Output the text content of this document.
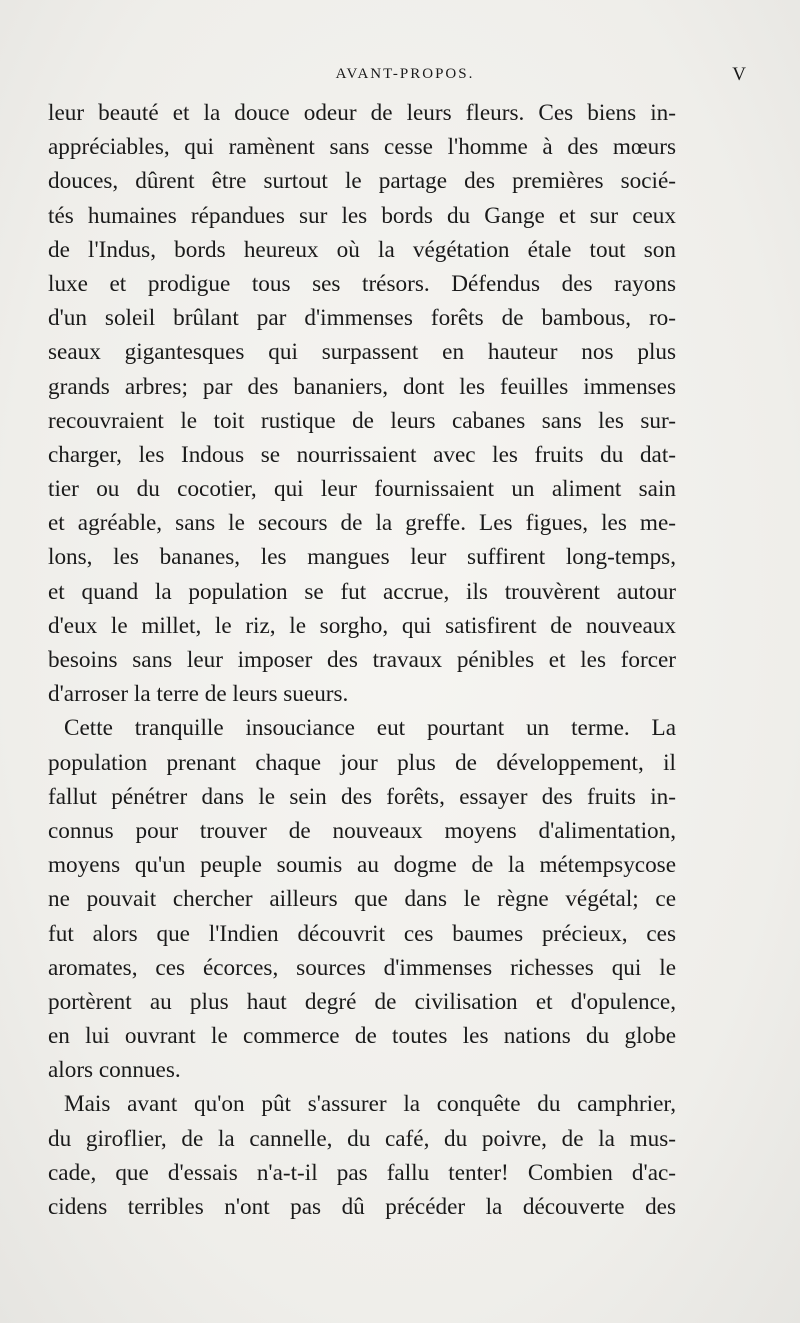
AVANT-PROPOS.	V
leur beauté et la douce odeur de leurs fleurs. Ces biens in-
appréciables, qui ramènent sans cesse l'homme à des mœurs
douces, dûrent être surtout le partage des premières socié-
tés humaines répandues sur les bords du Gange et sur ceux
de l'Indus, bords heureux où la végétation étale tout son
luxe et prodigue tous ses trésors. Défendus des rayons
d'un soleil brûlant par d'immenses forêts de bambous, ro-
seaux gigantesques qui surpassent en hauteur nos plus
grands arbres; par des bananiers, dont les feuilles immenses
recouvraient le toit rustique de leurs cabanes sans les sur-
charger, les Indous se nourrissaient avec les fruits du dat-
tier ou du cocotier, qui leur fournissaient un aliment sain
et agréable, sans le secours de la greffe. Les figues, les me-
lons, les bananes, les mangues leur suffirent long-temps,
et quand la population se fut accrue, ils trouvèrent autour
d'eux le millet, le riz, le sorgho, qui satisfirent de nouveaux
besoins sans leur imposer des travaux pénibles et les forcer
d'arroser la terre de leurs sueurs.
Cette tranquille insouciance eut pourtant un terme. La
population prenant chaque jour plus de développement, il
fallut pénétrer dans le sein des forêts, essayer des fruits in-
connus pour trouver de nouveaux moyens d'alimentation,
moyens qu'un peuple soumis au dogme de la métempsycose
ne pouvait chercher ailleurs que dans le règne végétal; ce
fut alors que l'Indien découvrit ces baumes précieux, ces
aromates, ces écorces, sources d'immenses richesses qui le
portèrent au plus haut degré de civilisation et d'opulence,
en lui ouvrant le commerce de toutes les nations du globe
alors connues.
Mais avant qu'on pût s'assurer la conquête du camphrier,
du giroflier, de la cannelle, du café, du poivre, de la mus-
cade, que d'essais n'a-t-il pas fallu tenter! Combien d'ac-
cidens terribles n'ont pas dû précéder la découverte des
